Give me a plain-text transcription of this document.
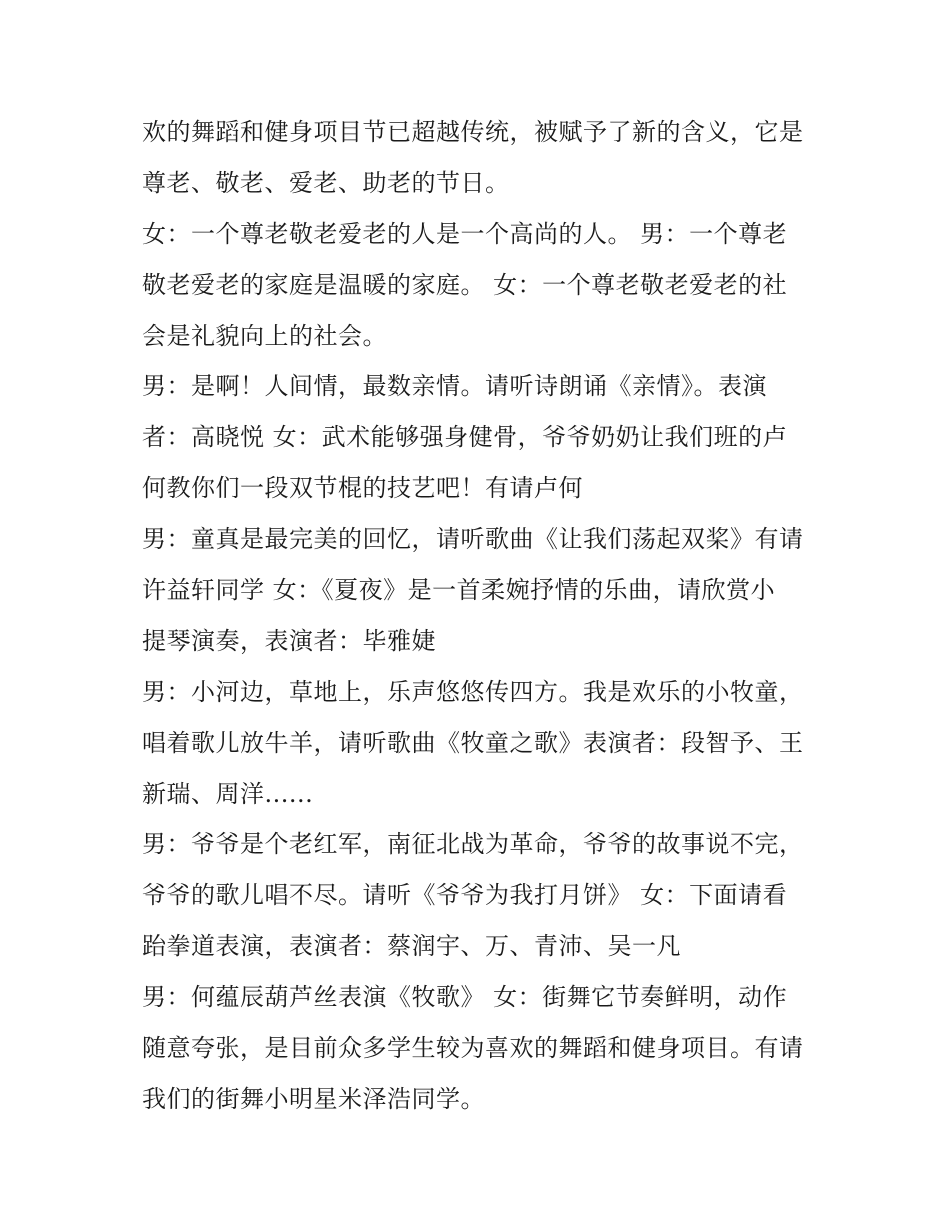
欢的舞蹈和健身项目节已超越传统，被赋予了新的含义，它是
尊老、敬老、爱老、助老的节日。
女：一个尊老敬老爱老的人是一个高尚的人。 男：一个尊老
敬老爱老的家庭是温暖的家庭。 女：一个尊老敬老爱老的社
会是礼貌向上的社会。
男：是啊！人间情，最数亲情。请听诗朗诵《亲情》。表演
者：高晓悦 女：武术能够强身健骨，爷爷奶奶让我们班的卢
何教你们一段双节棍的技艺吧！有请卢何
男：童真是最完美的回忆，请听歌曲《让我们荡起双桨》有请
许益轩同学 女：《夏夜》是一首柔婉抒情的乐曲，请欣赏小
提琴演奏，表演者：毕雅婕
男：小河边，草地上，乐声悠悠传四方。我是欢乐的小牧童，
唱着歌儿放牛羊，请听歌曲《牧童之歌》表演者：段智予、王
新瑞、周洋......
男：爷爷是个老红军，南征北战为革命，爷爷的故事说不完，
爷爷的歌儿唱不尽。请听《爷爷为我打月饼》 女：下面请看
跆拳道表演，表演者：蔡润宇、万、青沛、吴一凡
男：何蕴辰葫芦丝表演《牧歌》 女：街舞它节奏鲜明，动作
随意夸张，是目前众多学生较为喜欢的舞蹈和健身项目。有请
我们的街舞小明星米泽浩同学。
